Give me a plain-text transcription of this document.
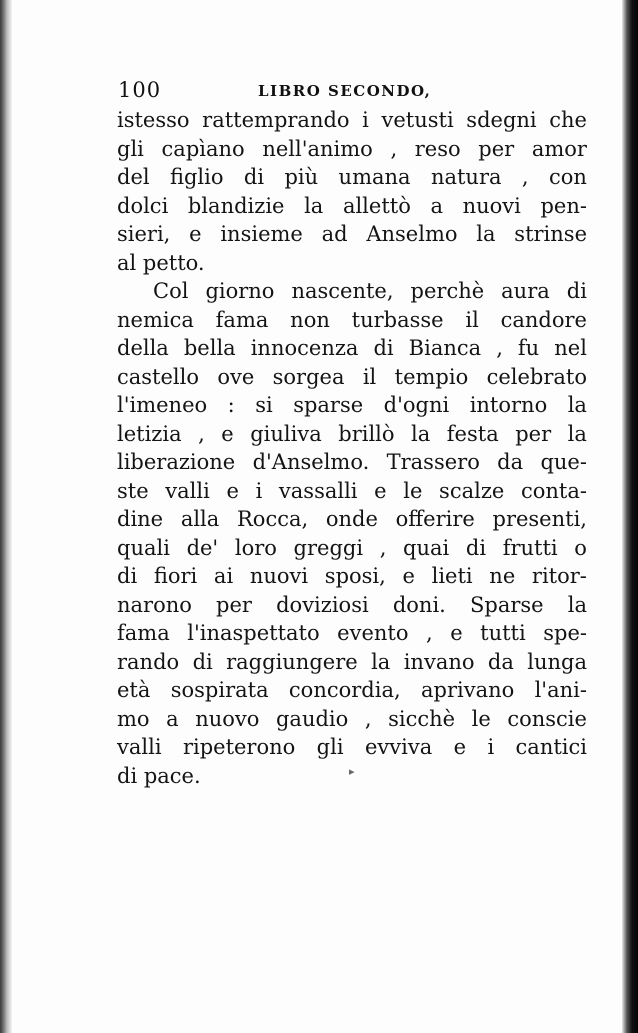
100	LIBRO SECONDO,
istesso rattemprando i vetusti sdegni che
gli capìano nell'animo , reso per amor
del figlio di più umana natura , con
dolci blandizie la allettò a nuovi pen-
sieri, e insieme ad Anselmo la strinse
al petto.
Col giorno nascente, perchè aura di
nemica fama non turbasse il candore
della bella innocenza di Bianca , fu nel
castello ove sorgea il tempio celebrato
l'imeneo : si sparse d'ogni intorno la
letizia , e giuliva brillò la festa per la
liberazione d'Anselmo. Trassero da que-
ste valli e i vassalli e le scalze conta-
dine alla Rocca, onde offerire presenti,
quali de' loro greggi , quai di frutti o
di fiori ai nuovi sposi, e lieti ne ritor-
narono per doviziosi doni. Sparse la
fama l'inaspettato evento , e tutti spe-
rando di raggiungere la invano da lunga
età sospirata concordia, aprivano l'ani-
mo a nuovo gaudio , sicchè le conscie
valli ripeterono gli evviva e i cantici
di pace.	▸
